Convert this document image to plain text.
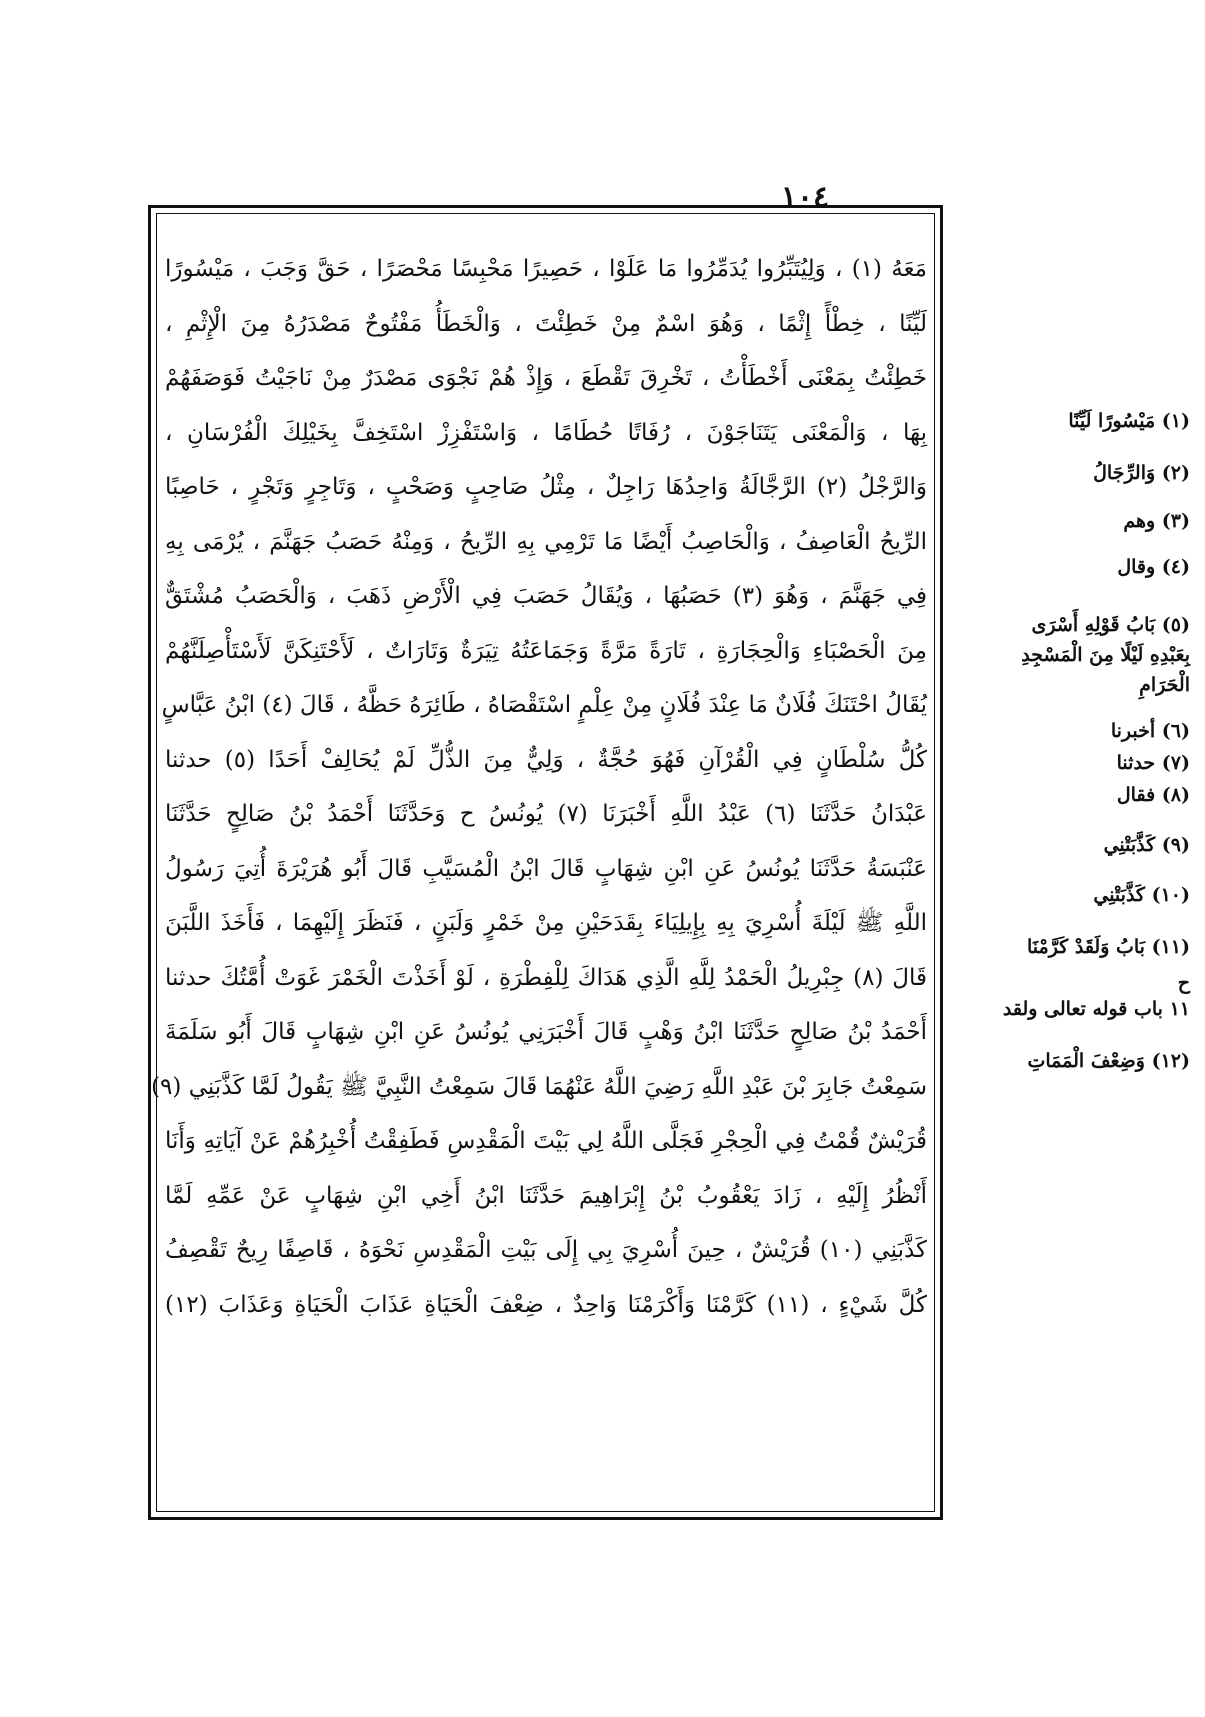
١٠٤
مَعَهُ (١) ، وَلِيُتَبِّرُوا يُدَمِّرُوا مَا عَلَوْا ، حَصِيرًا مَحْبِسًا مَحْصَرًا ، حَقَّ وَجَبَ ، مَيْسُورًا
لَيِّنًا ، خِطْأً إِثْمًا ، وَهُوَ اسْمٌ مِنْ خَطِئْتَ ، وَالْخَطَأُ مَفْتُوحٌ مَصْدَرُهُ مِنَ الْإِثْمِ ،
خَطِئْتُ بِمَعْنَى أَخْطَأْتُ ، تَخْرِقَ تَقْطَعَ ، وَإِذْ هُمْ نَجْوَى مَصْدَرٌ مِنْ نَاجَيْتُ فَوَصَفَهُمْ
بِهَا ، وَالْمَعْنَى يَتَنَاجَوْنَ ، رُفَاتًا حُطَامًا ، وَاسْتَفْزِزْ اسْتَخِفَّ بِخَيْلِكَ الْفُرْسَانِ ،
وَالرَّجْلُ (٢) الرَّجَّالَةُ وَاحِدُهَا رَاجِلٌ ، مِثْلُ صَاحِبٍ وَصَحْبٍ ، وَتَاجِرٍ وَتَجْرٍ ، حَاصِبًا
الرِّيحُ الْعَاصِفُ ، وَالْحَاصِبُ أَيْضًا مَا تَرْمِي بِهِ الرِّيحُ ، وَمِنْهُ حَصَبُ جَهَنَّمَ ، يُرْمَى بِهِ
فِي جَهَنَّمَ ، وَهُوَ (٣) حَصَبُهَا ، وَيُقَالُ حَصَبَ فِي الْأَرْضِ ذَهَبَ ، وَالْحَصَبُ مُشْتَقٌّ
مِنَ الْحَصْبَاءِ وَالْحِجَارَةِ ، تَارَةً مَرَّةً وَجَمَاعَتُهُ تِيَرَةٌ وَتَارَاتٌ ، لَأَحْتَنِكَنَّ لَأَسْتَأْصِلَنَّهُمْ
يُقَالُ احْتَنَكَ فُلَانٌ مَا عِنْدَ فُلَانٍ مِنْ عِلْمٍ اسْتَقْصَاهُ ، طَائِرَهُ حَظَّهُ ، قَالَ (٤) ابْنُ عَبَّاسٍ
كُلُّ سُلْطَانٍ فِي الْقُرْآنِ فَهُوَ حُجَّةٌ ، وَلِيٌّ مِنَ الذُّلِّ لَمْ يُحَالِفْ أَحَدًا (٥) حدثنا
عَبْدَانُ حَدَّثَنَا (٦) عَبْدُ اللَّهِ أَخْبَرَنَا (٧) يُونُسُ ح وَحَدَّثَنَا أَحْمَدُ بْنُ صَالِحٍ حَدَّثَنَا
عَنْبَسَةُ حَدَّثَنَا يُونُسُ عَنِ ابْنِ شِهَابٍ قَالَ ابْنُ الْمُسَيَّبِ قَالَ أَبُو هُرَيْرَةَ أُتِيَ رَسُولُ
اللَّهِ ﷺ لَيْلَةَ أُسْرِيَ بِهِ بِإِيلِيَاءَ بِقَدَحَيْنِ مِنْ خَمْرٍ وَلَبَنٍ ، فَنَظَرَ إِلَيْهِمَا ، فَأَخَذَ اللَّبَنَ
قَالَ (٨) جِبْرِيلُ الْحَمْدُ لِلَّهِ الَّذِي هَدَاكَ لِلْفِطْرَةِ ، لَوْ أَخَذْتَ الْخَمْرَ غَوَتْ أُمَّتُكَ حدثنا
أَحْمَدُ بْنُ صَالِحٍ حَدَّثَنَا ابْنُ وَهْبٍ قَالَ أَخْبَرَنِي يُونُسُ عَنِ ابْنِ شِهَابٍ قَالَ أَبُو سَلَمَةَ
سَمِعْتُ جَابِرَ بْنَ عَبْدِ اللَّهِ رَضِيَ اللَّهُ عَنْهُمَا قَالَ سَمِعْتُ النَّبِيَّ ﷺ يَقُولُ لَمَّا كَذَّبَنِي (٩)
قُرَيْشٌ قُمْتُ فِي الْحِجْرِ فَجَلَّى اللَّهُ لِي بَيْتَ الْمَقْدِسِ فَطَفِقْتُ أُخْبِرُهُمْ عَنْ آيَاتِهِ وَأَنَا
أَنْظُرُ إِلَيْهِ ، زَادَ يَعْقُوبُ بْنُ إِبْرَاهِيمَ حَدَّثَنَا ابْنُ أَخِي ابْنِ شِهَابٍ عَنْ عَمِّهِ لَمَّا
كَذَّبَنِي (١٠) قُرَيْشٌ ، حِينَ أُسْرِيَ بِي إِلَى بَيْتِ الْمَقْدِسِ نَحْوَهُ ، قَاصِفًا رِيحٌ تَقْصِفُ
كُلَّ شَيْءٍ ، (١١) كَرَّمْنَا وَأَكْرَمْنَا وَاحِدٌ ، ضِعْفَ الْحَيَاةِ عَذَابَ الْحَيَاةِ وَعَذَابَ (١٢)
(١) مَيْسُورًا لَيِّنًا
(٢) وَالرِّجَالُ
(٣) وهم
(٤) وقال
(٥) بَابُ قَوْلِهِ أَسْرَى
بِعَبْدِهِ لَيْلًا مِنَ الْمَسْجِدِ
الْحَرَامِ
(٦) أخبرنا
(٧) حدثنا
(٨) فقال
(٩) كَذَّبَتْنِي
(١٠) كَذَّبَتْنِي
(١١) بَابُ وَلَقَدْ كَرَّمْنَا
ح
١١ باب قوله تعالى ولقد
(١٢) وَضِعْفَ الْمَمَاتِ
